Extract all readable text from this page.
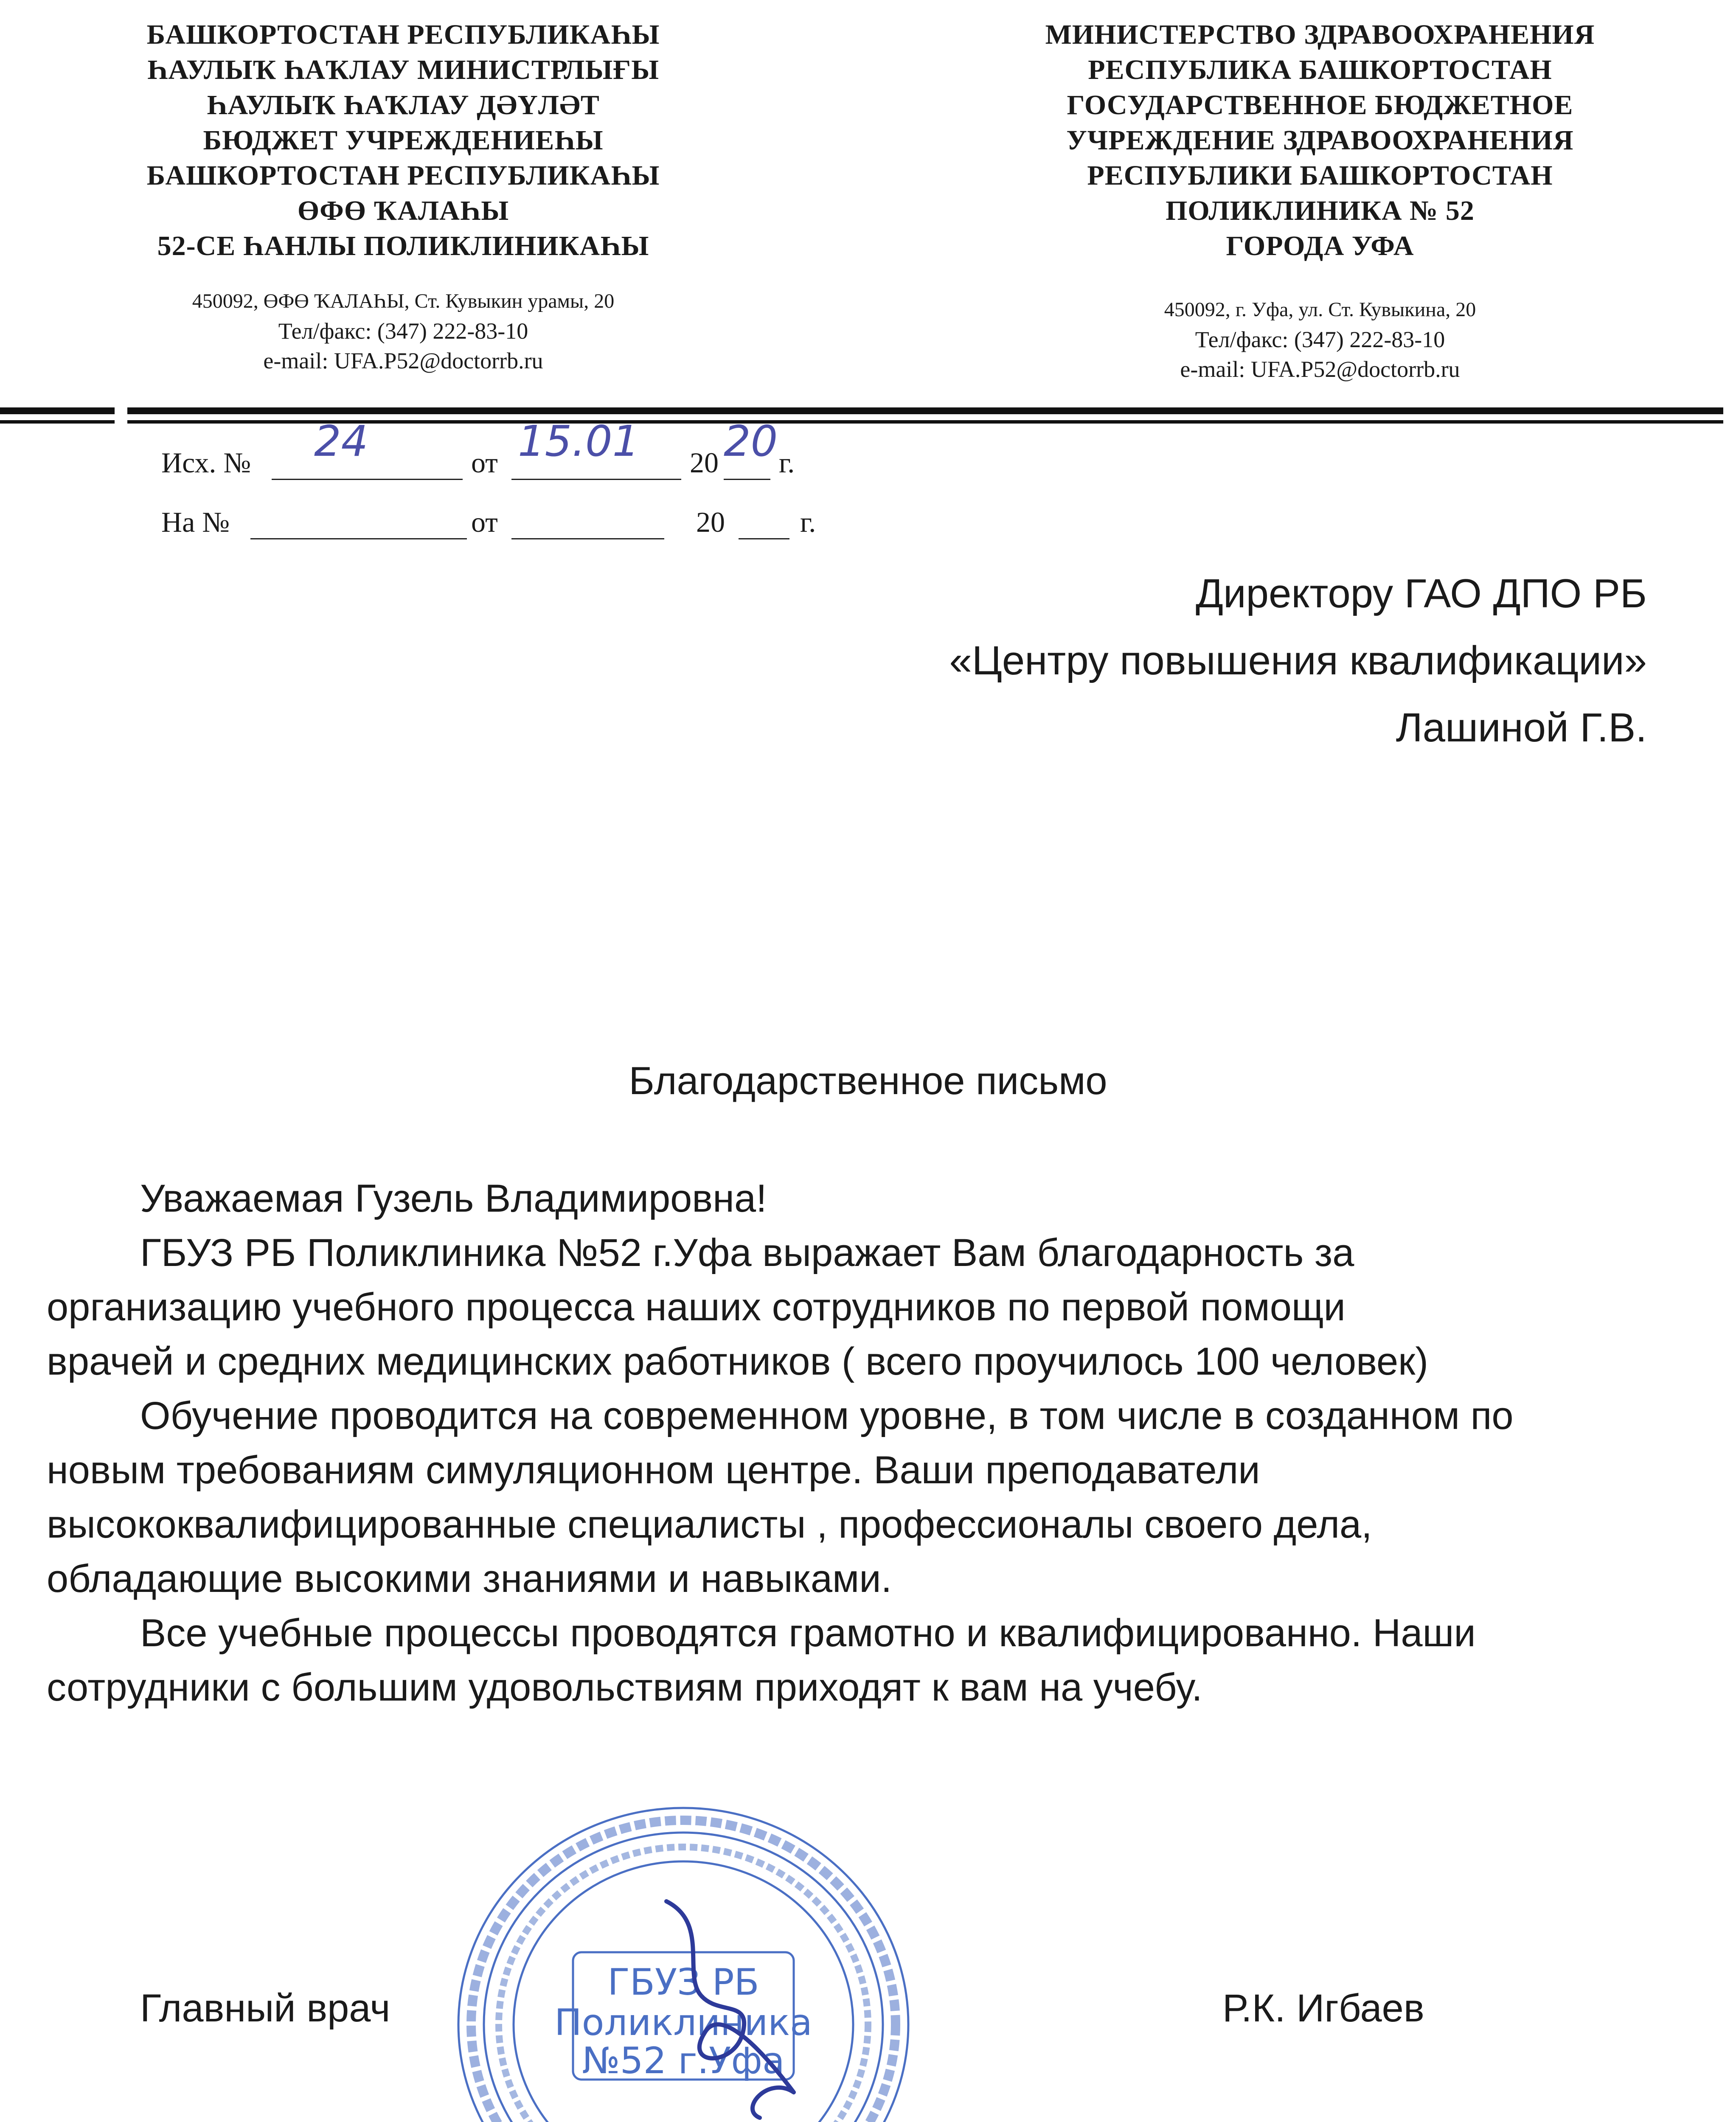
БАШКОРТОСТАН РЕСПУБЛИКАҺЫ
ҺАУЛЫҠ ҺАҠЛАУ МИНИСТРЛЫҒЫ
ҺАУЛЫҠ ҺАҠЛАУ ДӘҮЛӘТ
БЮДЖЕТ УЧРЕЖДЕНИЕҺЫ
БАШКОРТОСТАН РЕСПУБЛИКАҺЫ
ӨФӨ ҠАЛАҺЫ
52-СЕ ҺАНЛЫ ПОЛИКЛИНИКАҺЫ
МИНИСТЕРСТВО ЗДРАВООХРАНЕНИЯ
РЕСПУБЛИКА БАШКОРТОСТАН
ГОСУДАРСТВЕННОЕ БЮДЖЕТНОЕ
УЧРЕЖДЕНИЕ ЗДРАВООХРАНЕНИЯ
РЕСПУБЛИКИ БАШКОРТОСТАН
ПОЛИКЛИНИКА № 52
ГОРОДА УФА
450092, ӨФӨ ҠАЛАҺЫ, Ст. Кувыкин урамы, 20
Тел/факс: (347) 222-83-10
e-mail: UFA.P52@doctorrb.ru
450092, г. Уфа, ул. Ст. Кувыкина, 20
Тел/факс: (347) 222-83-10
e-mail: UFA.P52@doctorrb.ru
Исх. № 24	от 15.01 20 20 г.
На №	от	20	г.
Директору ГАО ДПО РБ
«Центру повышения квалификации»
Лашиной Г.В.
Благодарственное письмо
Уважаемая Гузель Владимировна!
ГБУЗ РБ Поликлиника №52 г.Уфа выражает Вам благодарность за
организацию учебного процесса наших сотрудников по первой помощи
врачей и средних медицинских работников ( всего проучилось 100 человек)
Обучение проводится на современном уровне, в том числе в созданном по
новым требованиям симуляционном центре. Ваши преподаватели
высококвалифицированные специалисты , профессионалы своего дела,
обладающие высокими знаниями и навыками.
Все учебные процессы проводятся грамотно и квалифицированно. Наши
сотрудники с большим удовольствиям приходят к вам на учебу.
Главный врач	Р.К. Игбаев
ГБУЗ РБ
Поликлиника
№52 г.Уфа
